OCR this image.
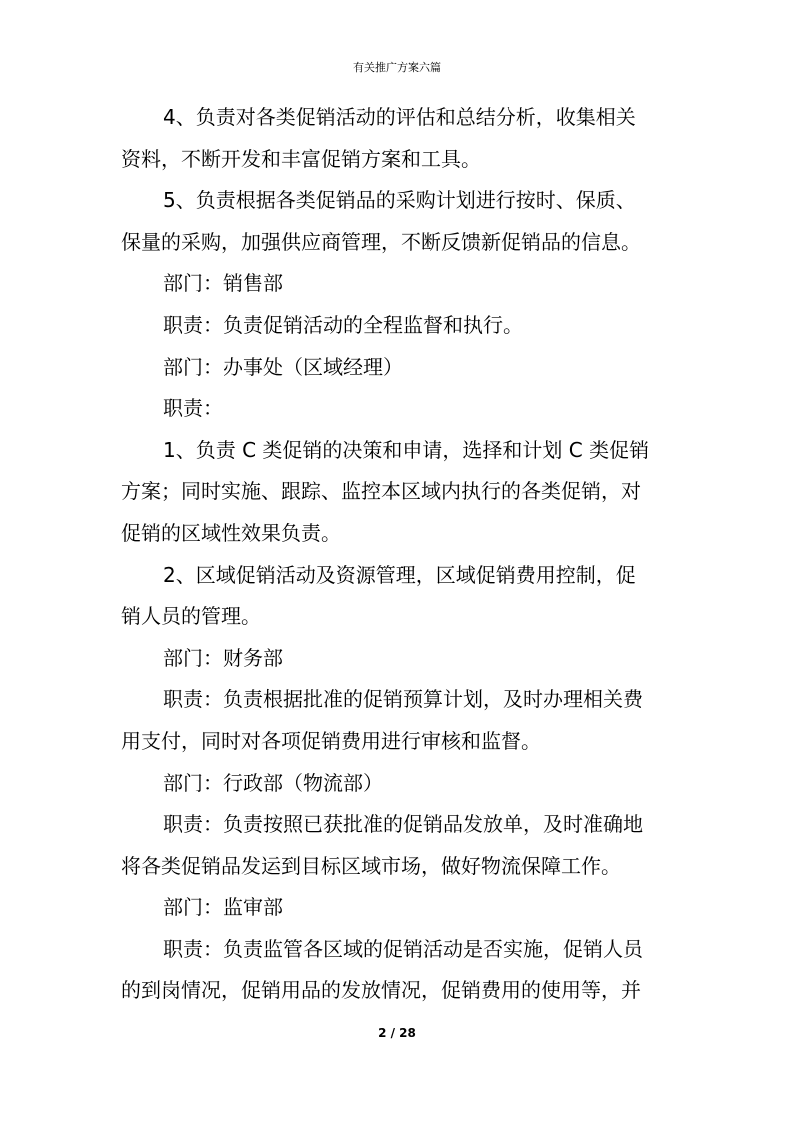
有关推广方案六篇
4、负责对各类促销活动的评估和总结分析，收集相关
资料，不断开发和丰富促销方案和工具。
5、负责根据各类促销品的采购计划进行按时、保质、
保量的采购，加强供应商管理，不断反馈新促销品的信息。
部门：销售部
职责：负责促销活动的全程监督和执行。
部门：办事处（区域经理）
职责：
1、负责 C 类促销的决策和申请，选择和计划 C 类促销
方案；同时实施、跟踪、监控本区域内执行的各类促销，对
促销的区域性效果负责。
2、区域促销活动及资源管理，区域促销费用控制，促
销人员的管理。
部门：财务部
职责：负责根据批准的促销预算计划，及时办理相关费
用支付，同时对各项促销费用进行审核和监督。
部门：行政部（物流部）
职责：负责按照已获批准的促销品发放单，及时准确地
将各类促销品发运到目标区域市场，做好物流保障工作。
部门：监审部
职责：负责监管各区域的促销活动是否实施，促销人员
的到岗情况，促销用品的发放情况，促销费用的使用等，并
2 / 28
